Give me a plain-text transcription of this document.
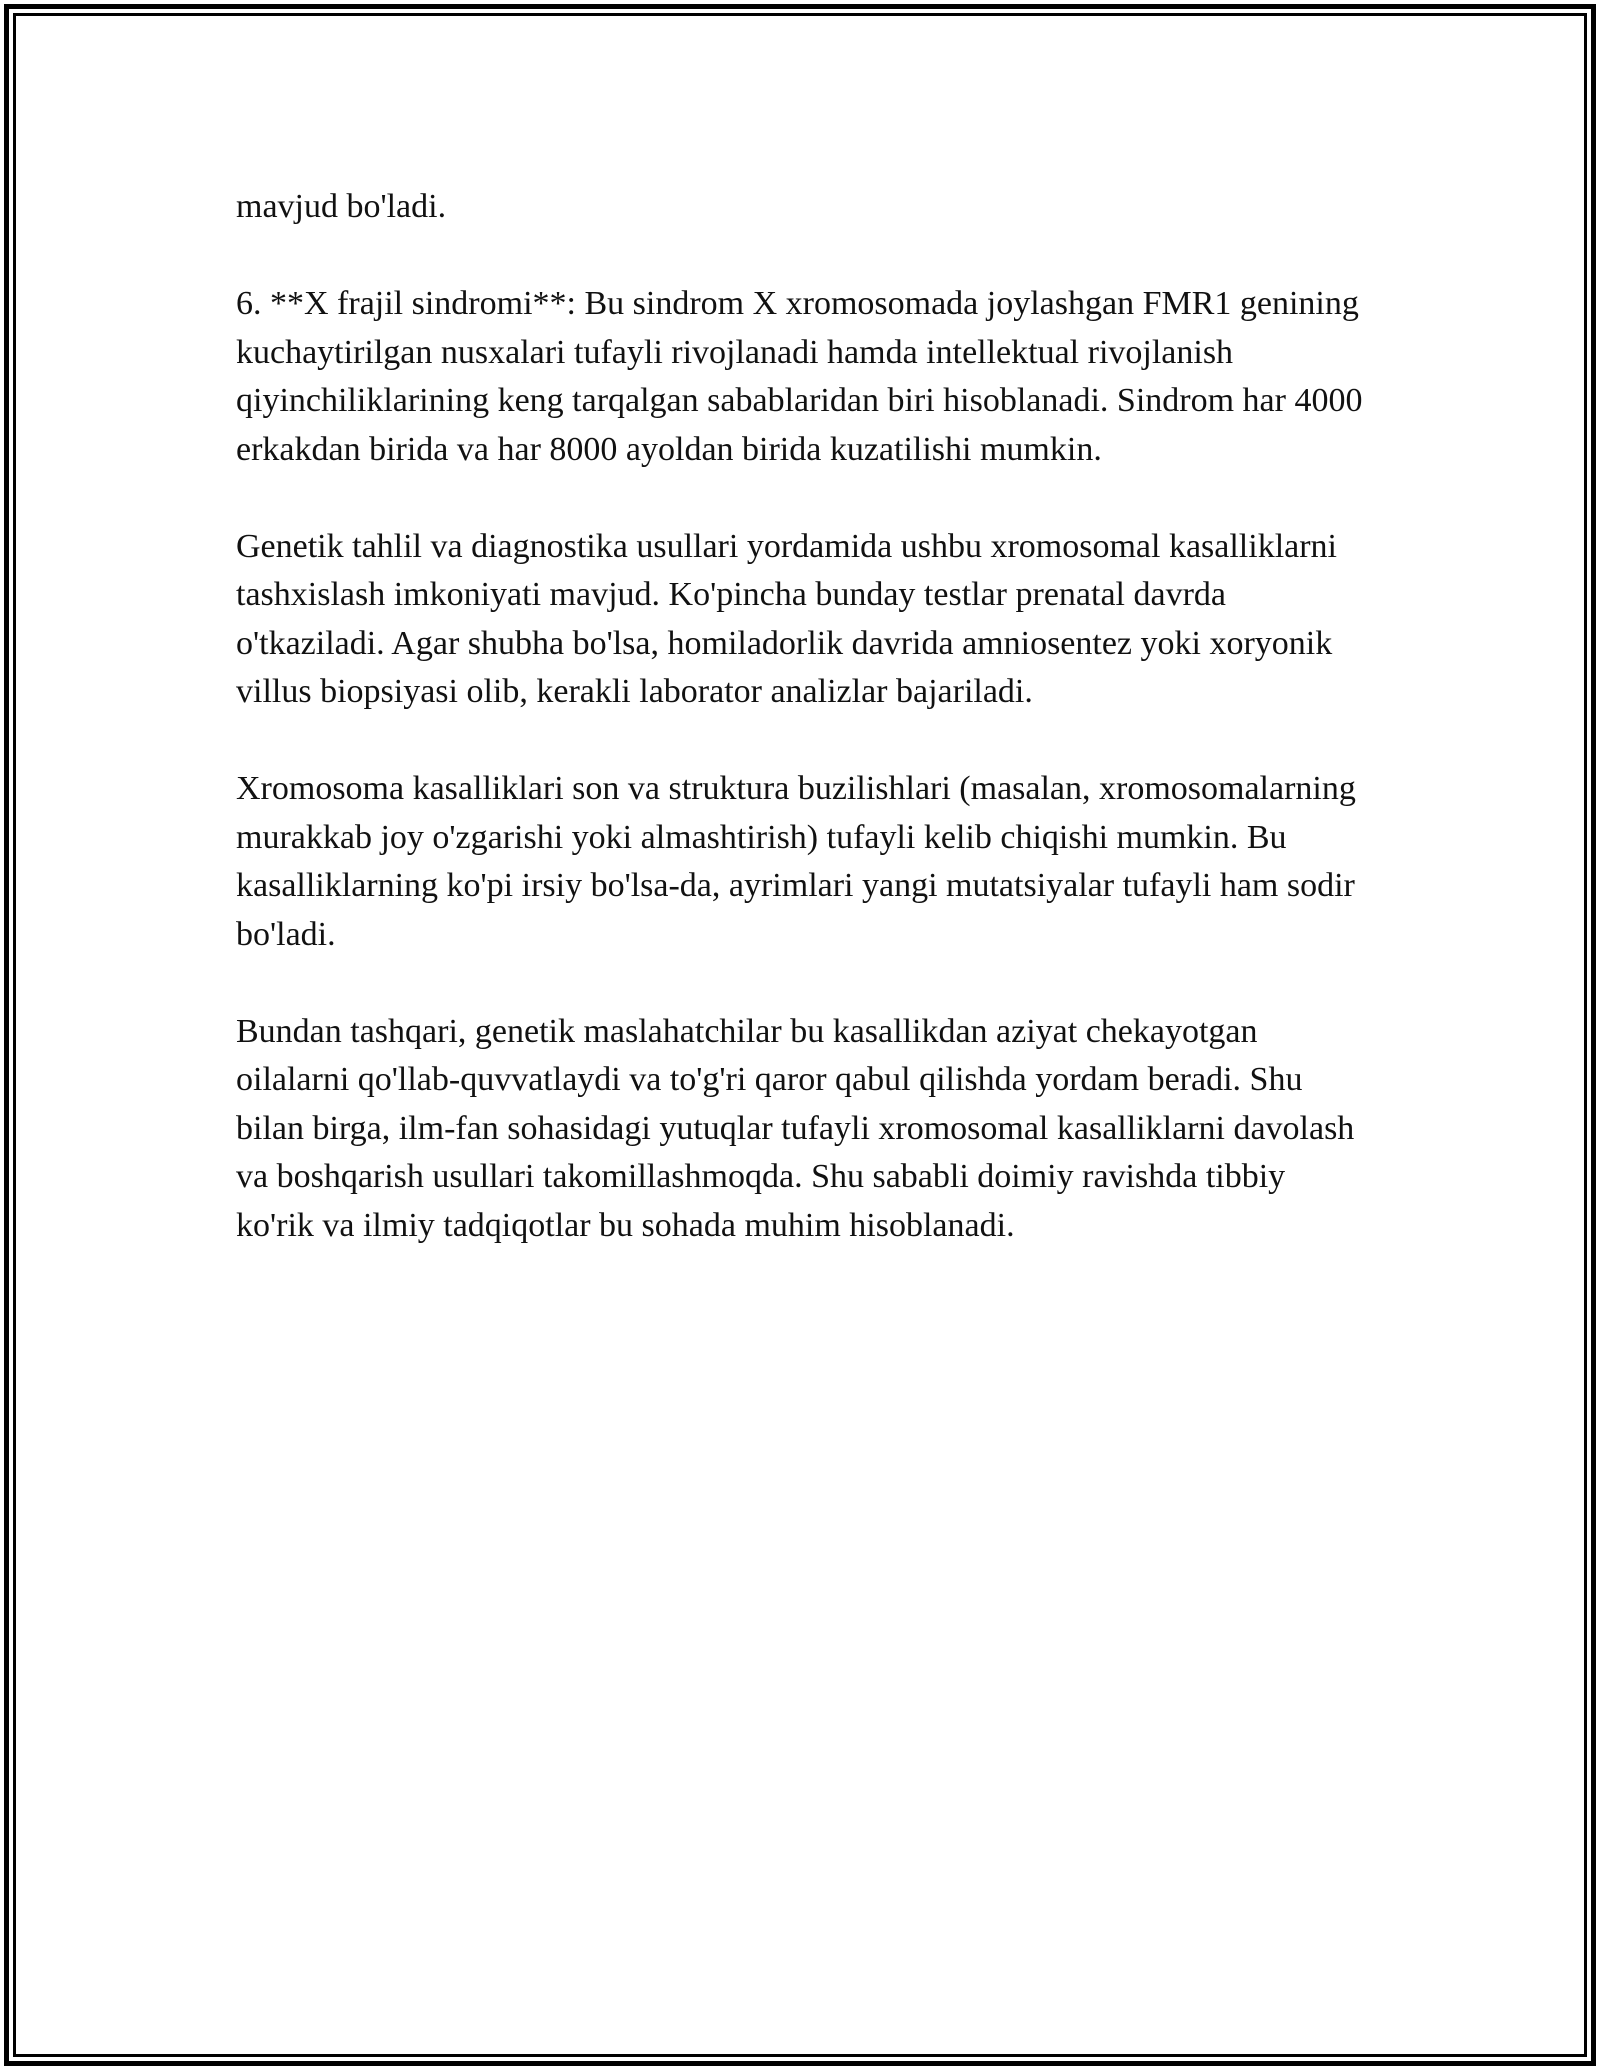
mavjud bo'ladi.

6. **X frajil sindromi**: Bu sindrom X xromosomada joylashgan FMR1 genining kuchaytirilgan nusxalari tufayli rivojlanadi hamda intellektual rivojlanish qiyinchiliklarining keng tarqalgan sabablaridan biri hisoblanadi. Sindrom har 4000 erkakdan birida va har 8000 ayoldan birida kuzatilishi mumkin.

Genetik tahlil va diagnostika usullari yordamida ushbu xromosomal kasalliklarni tashxislash imkoniyati mavjud. Ko'pincha bunday testlar prenatal davrda o'tkaziladi. Agar shubha bo'lsa, homiladorlik davrida amniosentez yoki xoryonik villus biopsiyasi olib, kerakli laborator analizlar bajariladi.

Xromosoma kasalliklari son va struktura buzilishlari (masalan, xromosomalarning murakkab joy o'zgarishi yoki almashtirish) tufayli kelib chiqishi mumkin. Bu kasalliklarning ko'pi irsiy bo'lsa-da, ayrimlari yangi mutatsiyalar tufayli ham sodir bo'ladi.

Bundan tashqari, genetik maslahatchilar bu kasallikdan aziyat chekayotgan oilalarni qo'llab-quvvatlaydi va to'g'ri qaror qabul qilishda yordam beradi. Shu bilan birga, ilm-fan sohasidagi yutuqlar tufayli xromosomal kasalliklarni davolash va boshqarish usullari takomillashmoqda. Shu sababli doimiy ravishda tibbiy ko'rik va ilmiy tadqiqotlar bu sohada muhim hisoblanadi.
